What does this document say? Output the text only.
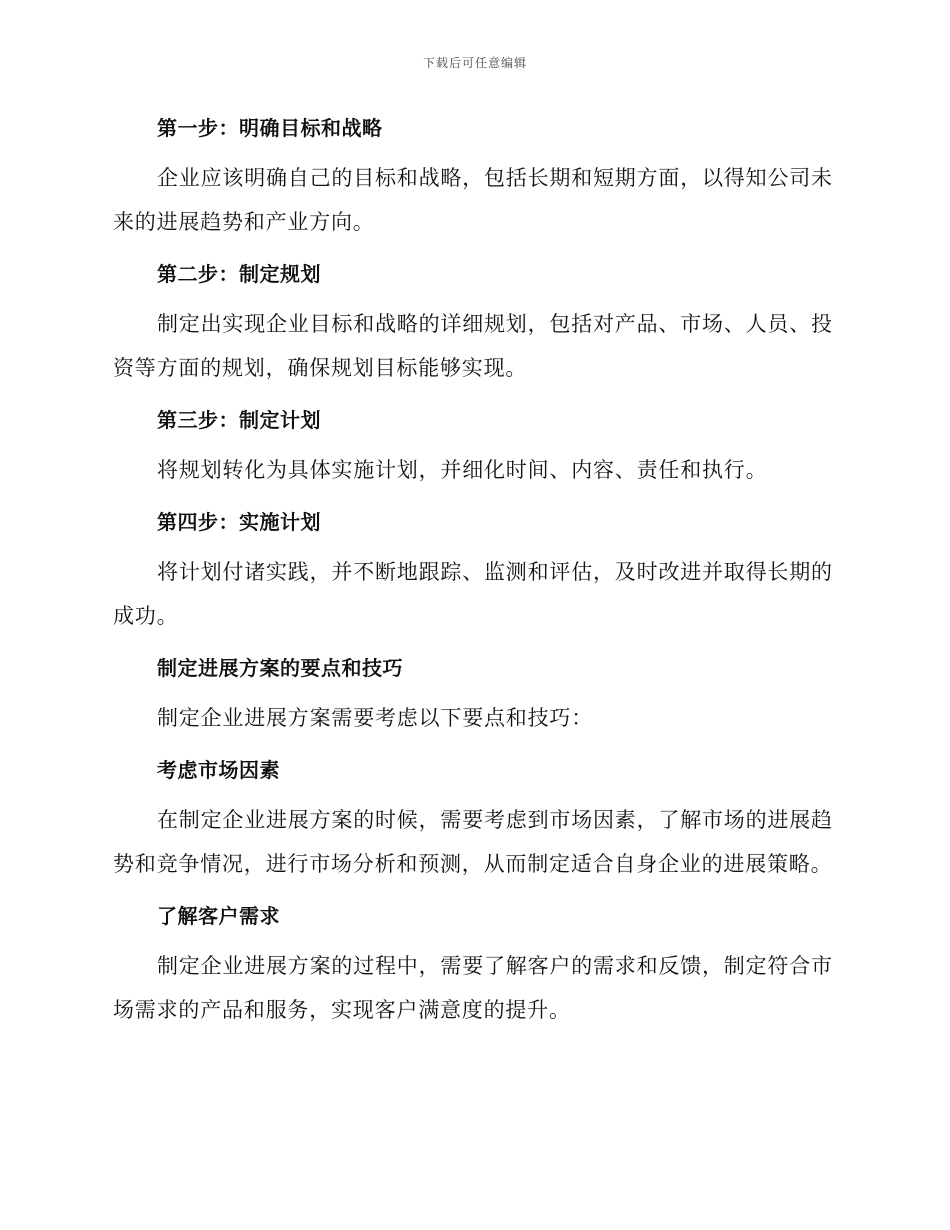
下载后可任意编辑
第一步：明确目标和战略

企业应该明确自己的目标和战略，包括长期和短期方面，以得知公司未来的进展趋势和产业方向。

第二步：制定规划

制定出实现企业目标和战略的详细规划，包括对产品、市场、人员、投资等方面的规划，确保规划目标能够实现。

第三步：制定计划

将规划转化为具体实施计划，并细化时间、内容、责任和执行。

第四步：实施计划

将计划付诸实践，并不断地跟踪、监测和评估，及时改进并取得长期的成功。

制定进展方案的要点和技巧

制定企业进展方案需要考虑以下要点和技巧：

考虑市场因素

在制定企业进展方案的时候，需要考虑到市场因素，了解市场的进展趋势和竞争情况，进行市场分析和预测，从而制定适合自身企业的进展策略。

了解客户需求

制定企业进展方案的过程中，需要了解客户的需求和反馈，制定符合市场需求的产品和服务，实现客户满意度的提升。
